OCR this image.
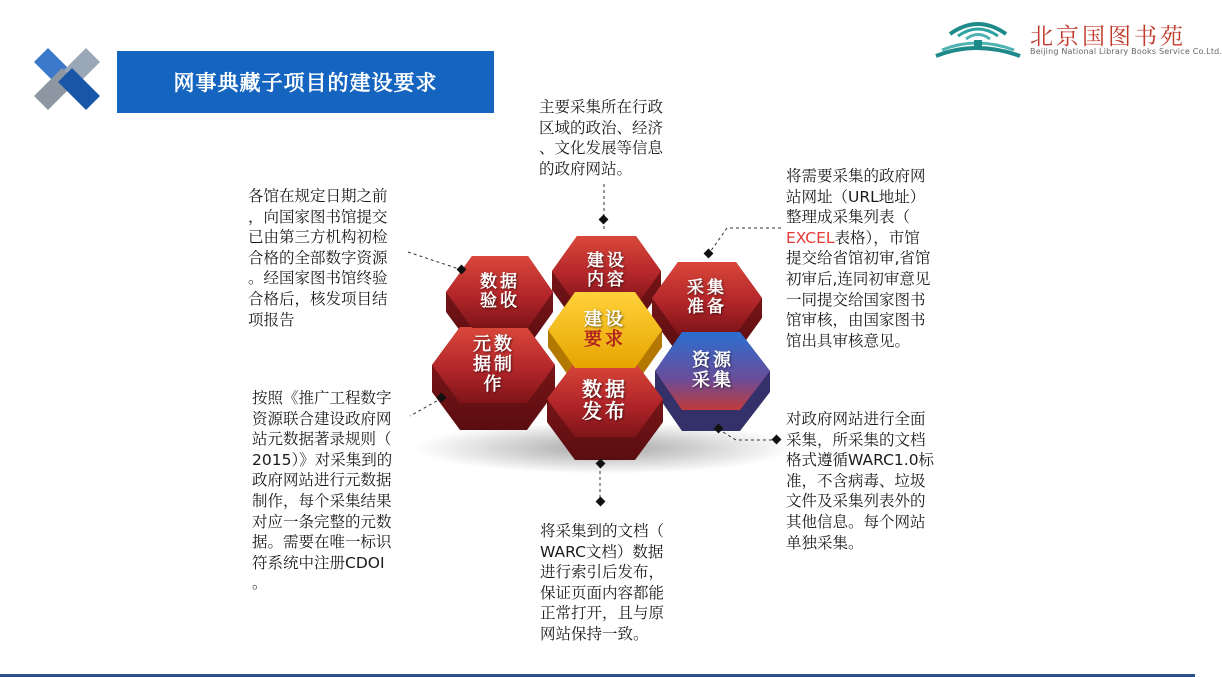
网事典藏子项目的建设要求
北京国图书苑
Beijing National Library Books Service Co.Ltd.
建设
内容	采集
准备
资源
采集
数据
发布
元数
据制
作
数据
验收
建设
要求
主要采集所在行政
区域的政治、经济
、文化发展等信息
的政府网站。
各馆在规定日期之前
，向国家图书馆提交
已由第三方机构初检
合格的全部数字资源
。经国家图书馆终验
合格后，核发项目结
项报告
将需要采集的政府网
站网址（URL地址）
整理成采集列表（
EXCEL表格），市馆
提交给省馆初审,省馆
初审后,连同初审意见
一同提交给国家图书
馆审核，由国家图书
馆出具审核意见。
按照《推广工程数字
资源联合建设政府网
站元数据著录规则（
2015）》对采集到的
政府网站进行元数据
制作，每个采集结果
对应一条完整的元数
据。需要在唯一标识
符系统中注册CDOI
。
对政府网站进行全面
采集，所采集的文档
格式遵循WARC1.0标
准，不含病毒、垃圾
文件及采集列表外的
其他信息。每个网站
单独采集。
将采集到的文档（
WARC文档）数据
进行索引后发布，
保证页面内容都能
正常打开，且与原
网站保持一致。
